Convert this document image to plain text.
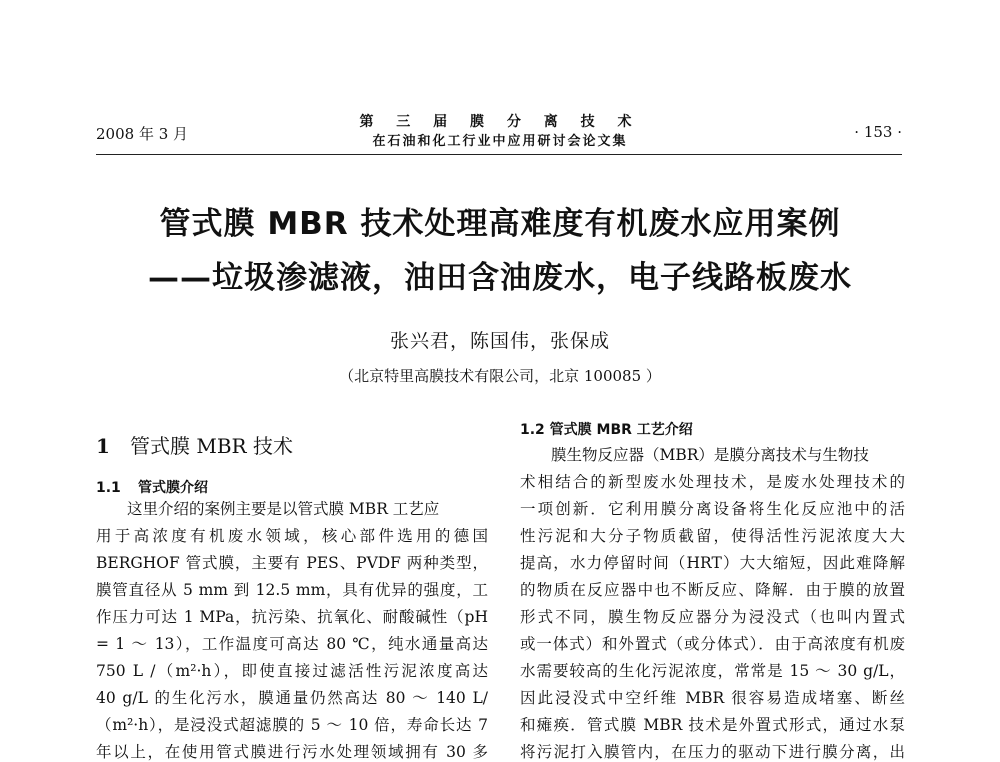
2008 年 3 月
第 三 届 膜 分 离 技 术
在石油和化工行业中应用研讨会论文集
· 153 ·
管式膜 MBR 技术处理高难度有机废水应用案例
——垃圾渗滤液，油田含油废水，电子线路板废水
张兴君，陈国伟，张保成
（北京特里高膜技术有限公司，北京 100085 ）
1 管式膜 MBR 技术
1.1 管式膜介绍
这里介绍的案例主要是以管式膜 MBR 工艺应
用于高浓度有机废水领域，核心部件选用的德国
BERGHOF 管式膜，主要有 PES、PVDF 两种类型，
膜管直径从 5 mm 到 12.5 mm，具有优异的强度，工
作压力可达 1 MPa，抗污染、抗氧化、耐酸碱性（pH
= 1 ～ 13），工作温度可高达 80 ℃，纯水通量高达
750 L /（m²·h），即使直接过滤活性污泥浓度高达
40 g/L 的生化污水，膜通量仍然高达 80 ～ 140 L/
（m²·h），是浸没式超滤膜的 5 ～ 10 倍，寿命长达 7
年以上，在使用管式膜进行污水处理领域拥有 30 多
1.2 管式膜 MBR 工艺介绍
膜生物反应器（MBR）是膜分离技术与生物技
术相结合的新型废水处理技术，是废水处理技术的
一项创新．它利用膜分离设备将生化反应池中的活
性污泥和大分子物质截留，使得活性污泥浓度大大
提高，水力停留时间（HRT）大大缩短，因此难降解
的物质在反应器中也不断反应、降解．由于膜的放置
形式不同，膜生物反应器分为浸没式（也叫内置式
或一体式）和外置式（或分体式）．由于高浓度有机废
水需要较高的生化污泥浓度，常常是 15 ～ 30 g/L，
因此浸没式中空纤维 MBR 很容易造成堵塞、断丝
和瘫痪．管式膜 MBR 技术是外置式形式，通过水泵
将污泥打入膜管内，在压力的驱动下进行膜分离，出
